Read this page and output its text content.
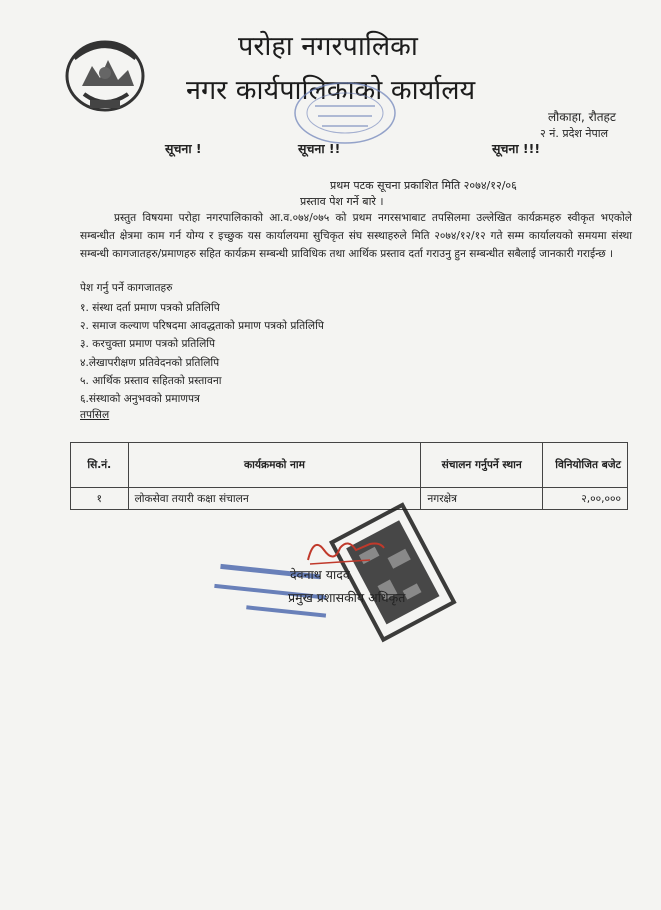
परोहा नगरपालिका
नगर कार्यपालिकाको कार्यालय
लौकाहा, रौतहट
२ नं. प्रदेश नेपाल
सूचना !	सूचना !!	सूचना !!!
प्रथम पटक सूचना प्रकाशित मिति २०७४/१२/०६
प्रस्ताव पेश गर्ने बारे ।
प्रस्तुत विषयमा परोहा नगरपालिकाको आ.व.०७४/०७५ को प्रथम नगरसभाबाट तपसिलमा उल्लेखित कार्यक्रमहरु स्वीकृत भएकोले सम्बन्धीत क्षेत्रमा काम गर्न योग्य र इच्छुक यस कार्यालयमा सुचिकृत संघ सस्थाहरुले मिति २०७४/१२/१२ गते सम्म कार्यालयको समयमा संस्था सम्बन्धी कागजातहरु/प्रमाणहरु सहित कार्यक्रम सम्बन्धी प्राविधिक तथा आर्थिक प्रस्ताव दर्ता गराउनु हुन सम्बन्धीत सबैलाई जानकारी गराईन्छ ।
पेश गर्नु पर्ने कागजातहरु
१. संस्था दर्ता प्रमाण पत्रको प्रतिलिपि
२. समाज कल्याण परिषदमा आवद्धताको प्रमाण पत्रको प्रतिलिपि
३. करचुक्ता प्रमाण पत्रको प्रतिलिपि
४.लेखापरीक्षण प्रतिवेदनको प्रतिलिपि
५. आर्थिक प्रस्ताव सहितको प्रस्तावना
६.संस्थाको अनुभवको प्रमाणपत्र
तपसिल
सि.नं.	कार्यक्रमको नाम	संचालन गर्नुपर्ने स्थान	विनियोजित बजेट
१	लोकसेवा तयारी कक्षा संचालन	नगरक्षेत्र	२,००,०००
देवनाथ यादव
प्रमुख प्रशासकीय अधिकृत
